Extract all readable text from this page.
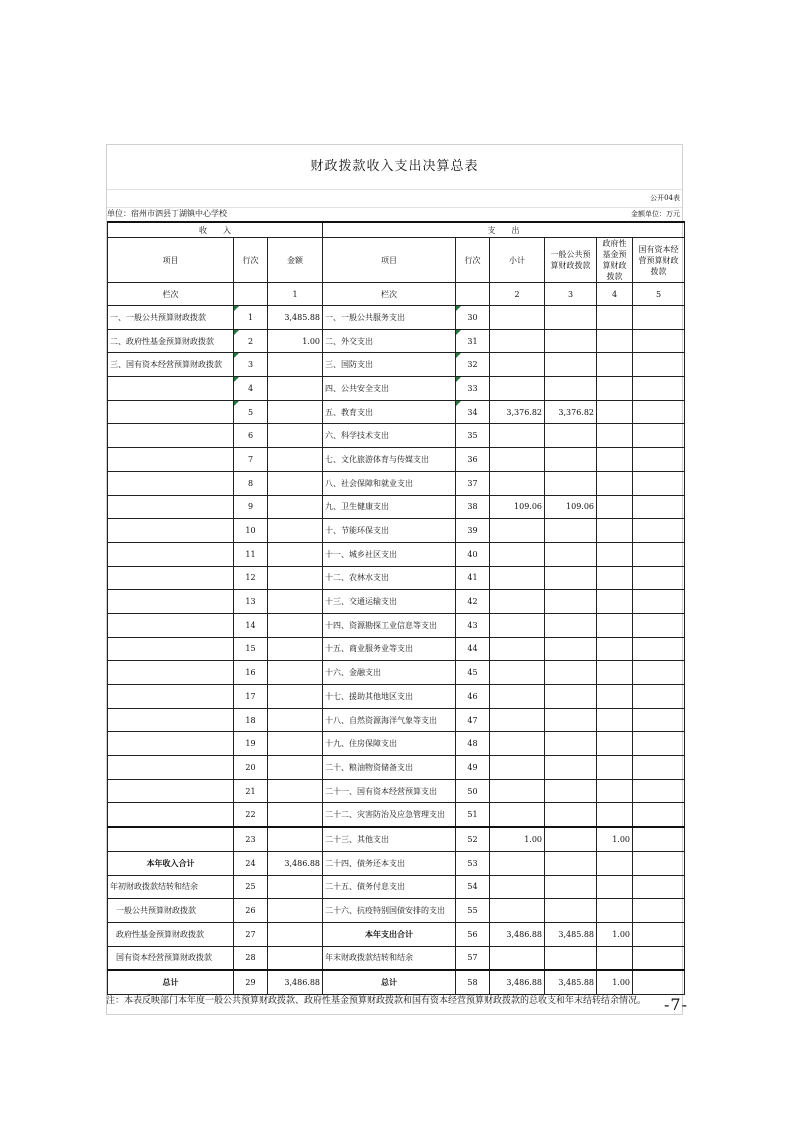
财政拨款收入支出决算总表
公开04表
单位：宿州市泗县丁湖镇中心学校	金额单位：万元
收　　入			支　　出					
项目	行次	金额	项目	行次	小计	一般公共预算财政拨款	政府性基金预算财政拨款	国有资本经营预算财政拨款
栏次		1	栏次		2	3	4	5
一、一般公共预算财政拨款	1	3,485.88	一、一般公共服务支出	30				
二、政府性基金预算财政拨款	2	1.00	二、外交支出	31				
三、国有资本经营预算财政拨款	3		三、国防支出	32				
	4		四、公共安全支出	33				
	5		五、教育支出	34	3,376.82	3,376.82		
	6		六、科学技术支出	35				
	7		七、文化旅游体育与传媒支出	36				
	8		八、社会保障和就业支出	37				
	9		九、卫生健康支出	38	109.06	109.06		
	10		十、节能环保支出	39				
	11		十一、城乡社区支出	40				
	12		十二、农林水支出	41				
	13		十三、交通运输支出	42				
	14		十四、资源勘探工业信息等支出	43				
	15		十五、商业服务业等支出	44				
	16		十六、金融支出	45				
	17		十七、援助其他地区支出	46				
	18		十八、自然资源海洋气象等支出	47				
	19		十九、住房保障支出	48				
	20		二十、粮油物资储备支出	49				
	21		二十一、国有资本经营预算支出	50				
	22		二十二、灾害防治及应急管理支出	51				
	23		二十三、其他支出	52	1.00		1.00	
本年收入合计	24	3,486.88	二十四、债务还本支出	53				
年初财政拨款结转和结余	25		二十五、债务付息支出	54				
一般公共预算财政拨款	26		二十六、抗疫特别国债安排的支出	55				
政府性基金预算财政拨款	27		本年支出合计	56	3,486.88	3,485.88	1.00	
国有资本经营预算财政拨款	28		年末财政拨款结转和结余	57				
总计	29	3,486.88	总计	58	3,486.88	3,485.88	1.00	
注：本表反映部门本年度一般公共预算财政拨款、政府性基金预算财政拨款和国有资本经营预算财政拨款的总收支和年末结转结余情况。 -7-
